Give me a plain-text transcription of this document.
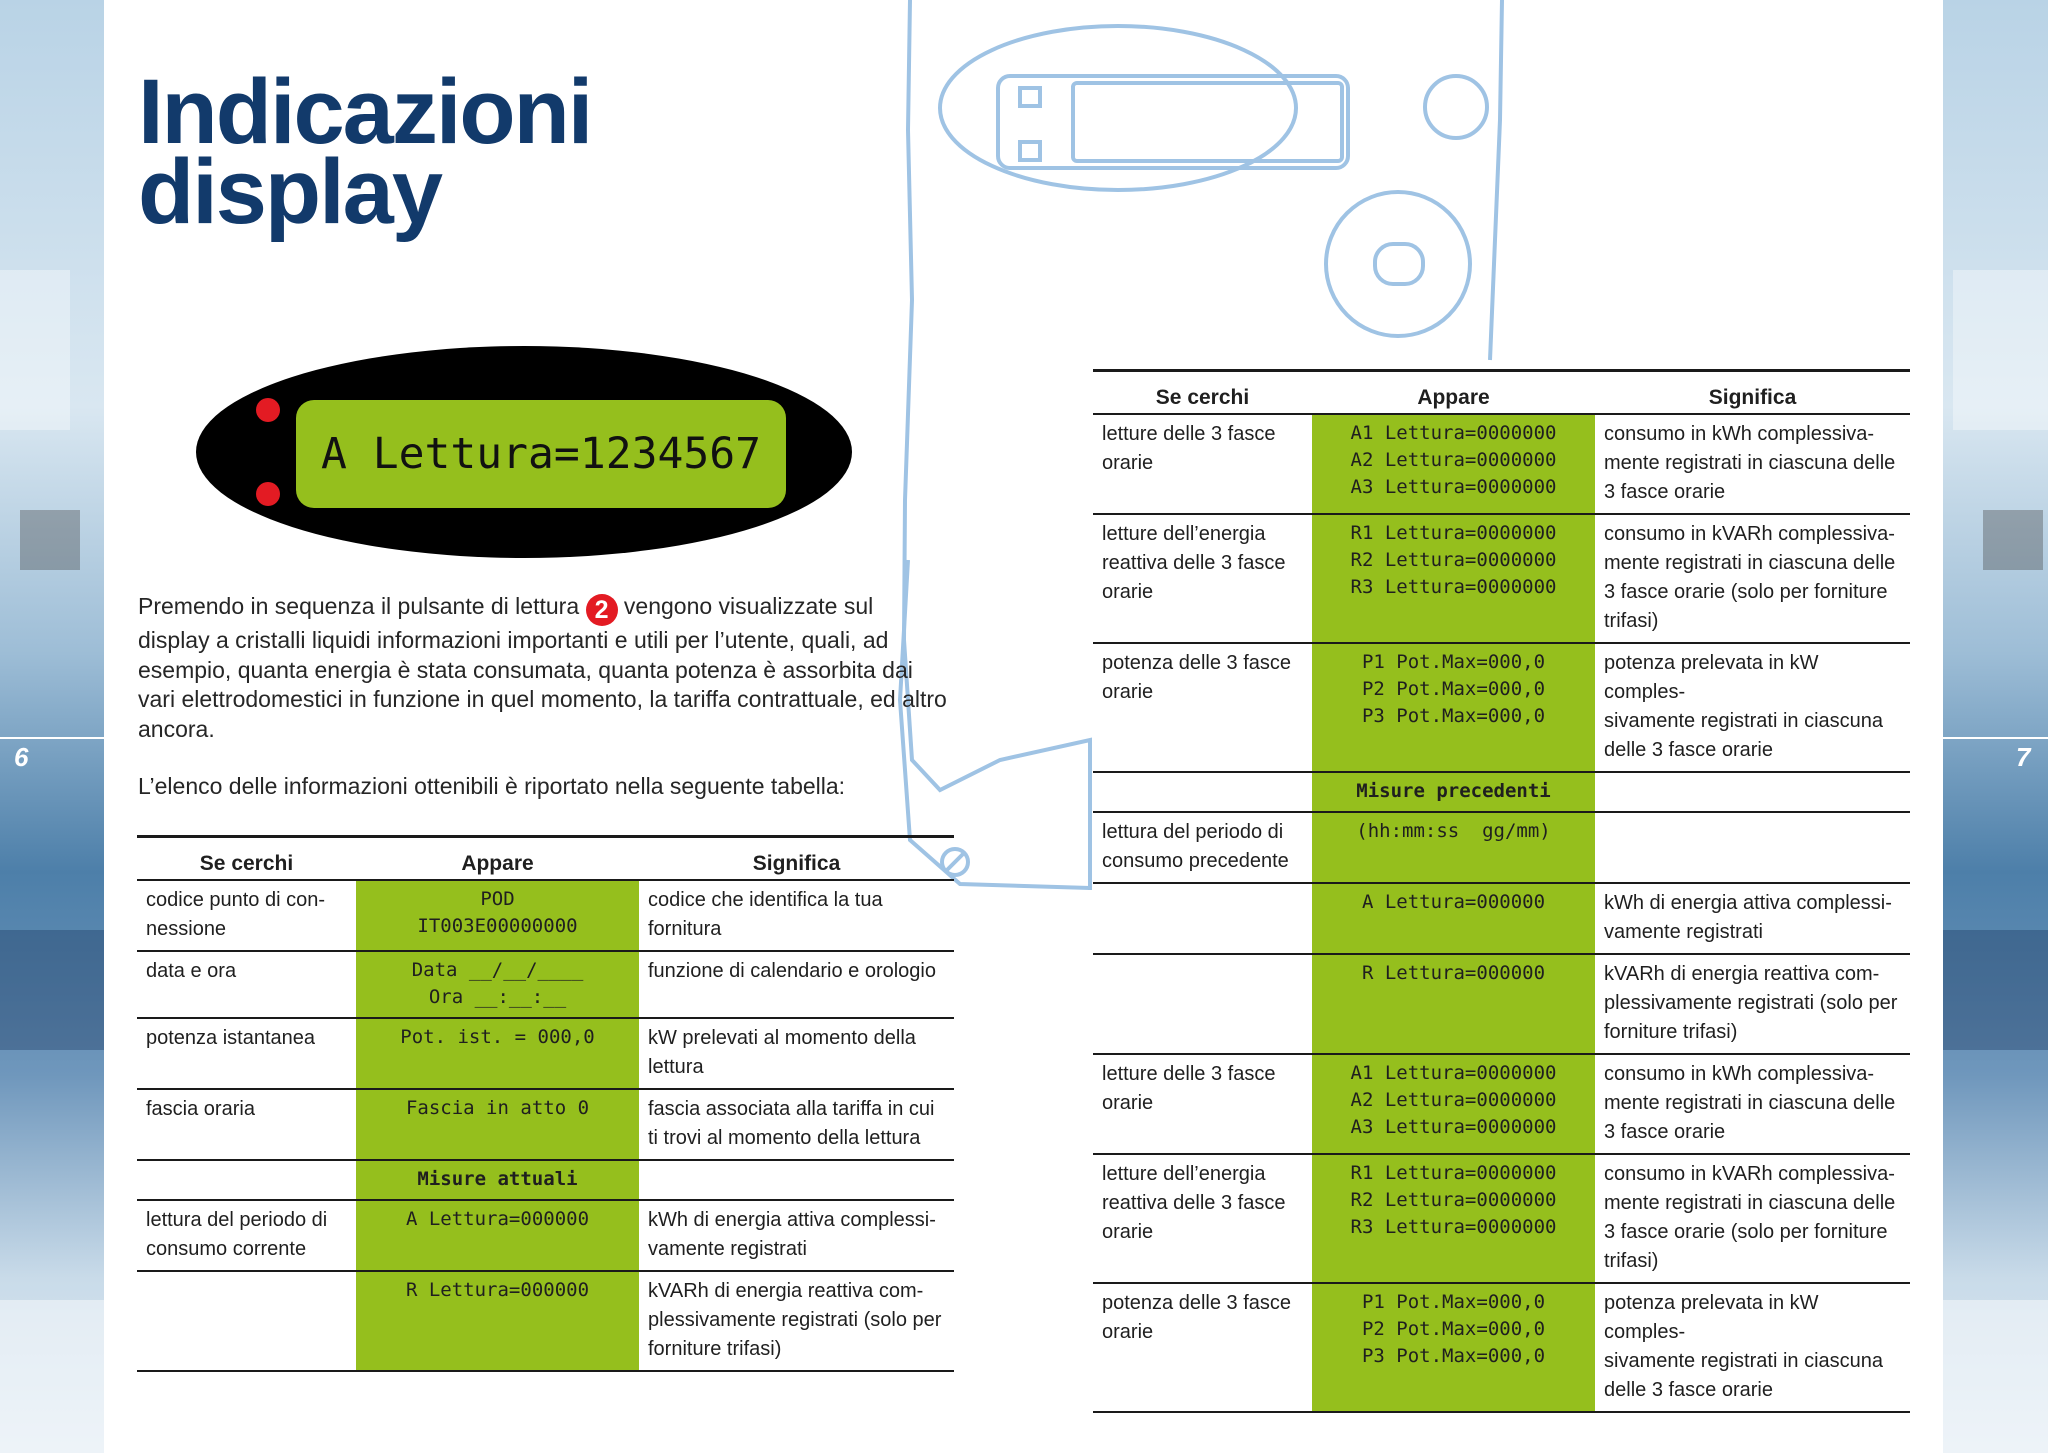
6	7
Indicazioni
display
A Lettura=1234567

Premendo in sequenza il pulsante di lettura 2 vengono visualizzate sul display a cristalli liquidi informazioni importanti e utili per l’utente, quali, ad esempio, quanta energia è stata consumata, quanta potenza è assorbita dai vari elettrodomestici in funzione in quel momento, la tariffa contrattuale, ed altro ancora.

L’elenco delle informazioni ottenibili è riportato nella seguente tabella:

Se cerchi	Appare	Significa

codice punto di con-
nessione	POD
IT003E00000000	codice che identifica la tua
fornitura

data e ora	Data __/__/____
Ora __:__:__	funzione di calendario e orologio

potenza istantanea	Pot. ist. = 000,0	kW prelevati al momento della
lettura

fascia oraria	Fascia in atto 0	fascia associata alla tariffa in cui
ti trovi al momento della lettura

	Misure attuali	

lettura del periodo di
consumo corrente	A Lettura=000000	kWh di energia attiva complessi-
vamente registrati

	R Lettura=000000	kVARh di energia reattiva com-
plessivamente registrati (solo per
forniture trifasi)
Se cerchi	Appare	Significa

letture delle 3 fasce
orarie	A1 Lettura=0000000
A2 Lettura=0000000
A3 Lettura=0000000	consumo in kWh complessiva-
mente registrati in ciascuna delle
3 fasce orarie

letture dell’energia
reattiva delle 3 fasce
orarie	R1 Lettura=0000000
R2 Lettura=0000000
R3 Lettura=0000000	consumo in kVARh complessiva-
mente registrati in ciascuna delle
3 fasce orarie (solo per forniture
trifasi)

potenza delle 3 fasce
orarie	P1 Pot.Max=000,0
P2 Pot.Max=000,0
P3 Pot.Max=000,0	potenza prelevata in kW comples-
sivamente registrati in ciascuna
delle 3 fasce orarie

	Misure precedenti	

lettura del periodo di
consumo precedente	(hh:mm:ss  gg/mm)	

	A Lettura=000000	kWh di energia attiva complessi-
vamente registrati

	R Lettura=000000	kVARh di energia reattiva com-
plessivamente registrati (solo per
forniture trifasi)

letture delle 3 fasce
orarie	A1 Lettura=0000000
A2 Lettura=0000000
A3 Lettura=0000000	consumo in kWh complessiva-
mente registrati in ciascuna delle
3 fasce orarie

letture dell’energia
reattiva delle 3 fasce
orarie	R1 Lettura=0000000
R2 Lettura=0000000
R3 Lettura=0000000	consumo in kVARh complessiva-
mente registrati in ciascuna delle
3 fasce orarie (solo per forniture
trifasi)

potenza delle 3 fasce
orarie	P1 Pot.Max=000,0
P2 Pot.Max=000,0
P3 Pot.Max=000,0	potenza prelevata in kW comples-
sivamente registrati in ciascuna
delle 3 fasce orarie
